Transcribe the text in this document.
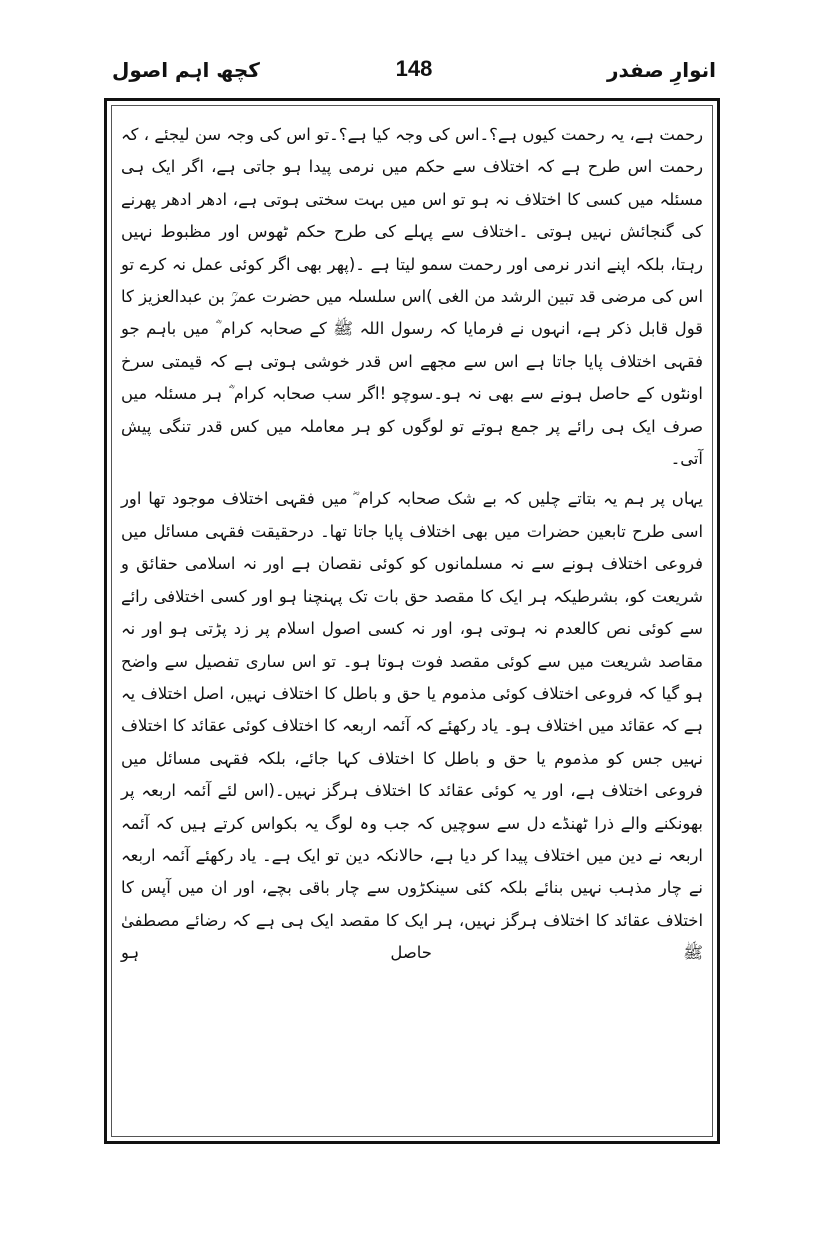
انوارِ صفدر
148
کچھ اہم اصول

رحمت ہے، یہ رحمت کیوں ہے؟۔اس کی وجہ کیا ہے؟۔تو اس کی وجہ سن لیجئے ، کہ رحمت اس طرح ہے کہ اختلاف سے حکم میں نرمی پیدا ہو جاتی ہے، اگر ایک ہی مسئلہ میں کسی کا اختلاف نہ ہو تو اس میں بہت سختی ہوتی ہے، ادھر ادھر پھرنے کی گنجائش نہیں ہوتی ۔اختلاف سے پہلے کی طرح حکم ٹھوس اور مظبوط نہیں رہتا، بلکہ اپنے اندر نرمی اور رحمت سمو لیتا ہے ۔(پھر بھی اگر کوئی عمل نہ کرے تو اس کی مرضی قد تبین الرشد من الغی )اس سلسلہ میں حضرت عمرؒ بن عبدالعزیز کا قول قابل ذکر ہے، انہوں نے فرمایا کہ رسول اللہ ﷺ کے صحابہ کرام ؓ میں باہم جو فقہی اختلاف پایا جاتا ہے اس سے مجھے اس قدر خوشی ہوتی ہے کہ قیمتی سرخ اونٹوں کے حاصل ہونے سے بھی نہ ہو۔سوچو !اگر سب صحابہ کرام ؓ ہر مسئلہ میں صرف ایک ہی رائے پر جمع ہوتے تو لوگوں کو ہر معاملہ میں کس قدر تنگی پیش آتی۔

یہاں پر ہم یہ بتاتے چلیں کہ بے شک صحابہ کرام ؓ میں فقہی اختلاف موجود تھا اور اسی طرح تابعین حضرات میں بھی اختلاف پایا جاتا تھا۔ درحقیقت فقہی مسائل میں فروعی اختلاف ہونے سے نہ مسلمانوں کو کوئی نقصان ہے اور نہ اسلامی حقائق و شریعت کو، بشرطیکہ ہر ایک کا مقصد حق بات تک پہنچنا ہو اور کسی اختلافی رائے سے کوئی نص کالعدم نہ ہوتی ہو، اور نہ کسی اصول اسلام پر زد پڑتی ہو اور نہ مقاصد شریعت میں سے کوئی مقصد فوت ہوتا ہو۔ تو اس ساری تفصیل سے واضح ہو گیا کہ فروعی اختلاف کوئی مذموم یا حق و باطل کا اختلاف نہیں، اصل اختلاف یہ ہے کہ عقائد میں اختلاف ہو۔ یاد رکھئے کہ آئمہ اربعہ کا اختلاف کوئی عقائد کا اختلاف نہیں جس کو مذموم یا حق و باطل کا اختلاف کہا جائے، بلکہ فقہی مسائل میں فروعی اختلاف ہے، اور یہ کوئی عقائد کا اختلاف ہرگز نہیں۔(اس لئے آئمہ اربعہ پر بھونکنے والے ذرا ٹھنڈے دل سے سوچیں کہ جب وہ لوگ یہ بکواس کرتے ہیں کہ آئمہ اربعہ نے دین میں اختلاف پیدا کر دیا ہے، حالانکہ دین تو ایک ہے۔ یاد رکھئے آئمہ اربعہ نے چار مذہب نہیں بنائے بلکہ کئی سینکڑوں سے چار باقی بچے، اور ان میں آپس کا اختلاف عقائد کا اختلاف ہرگز نہیں، ہر ایک کا مقصد ایک ہی ہے کہ رضائے مصطفیٰ ﷺ حاصل ہو
